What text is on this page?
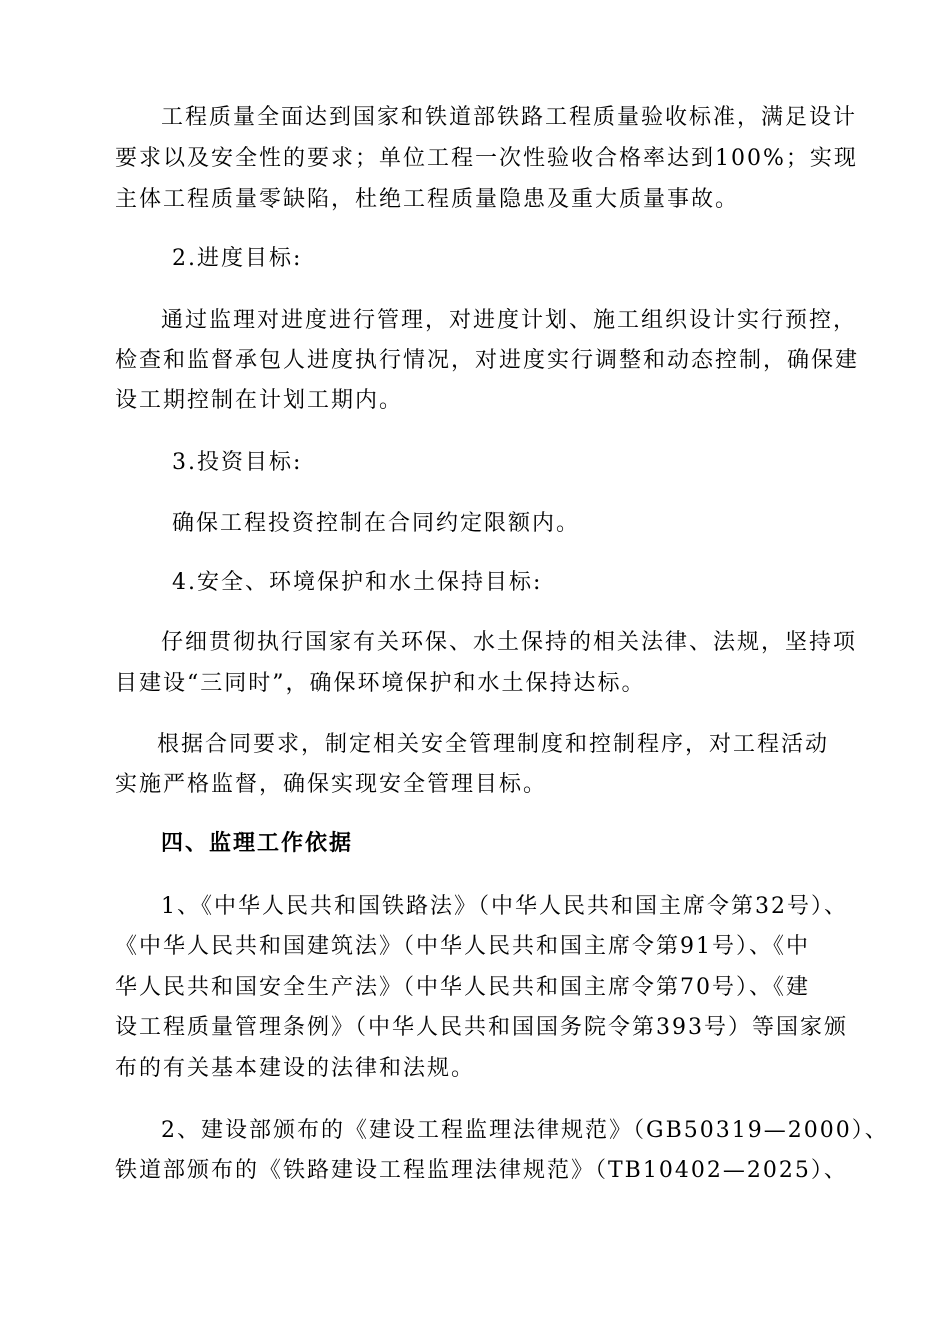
工程质量全面达到国家和铁道部铁路工程质量验收标准，满足设计
要求以及安全性的要求；单位工程一次性验收合格率达到100%；实现
主体工程质量零缺陷，杜绝工程质量隐患及重大质量事故。
2.进度目标:
通过监理对进度进行管理，对进度计划、施工组织设计实行预控，
检查和监督承包人进度执行情况，对进度实行调整和动态控制，确保建
设工期控制在计划工期内。
3.投资目标:
确保工程投资控制在合同约定限额内。
4.安全、环境保护和水土保持目标:
仔细贯彻执行国家有关环保、水土保持的相关法律、法规，坚持项
目建设“三同时”，确保环境保护和水土保持达标。
根据合同要求，制定相关安全管理制度和控制程序，对工程活动
实施严格监督，确保实现安全管理目标。
四、监理工作依据
1、《中华人民共和国铁路法》（中华人民共和国主席令第32号）、
《中华人民共和国建筑法》（中华人民共和国主席令第91号）、《中
华人民共和国安全生产法》（中华人民共和国主席令第70号）、《建
设工程质量管理条例》（中华人民共和国国务院令第393号）等国家颁
布的有关基本建设的法律和法规。
2、建设部颁布的《建设工程监理法律规范》（GB50319—2000）、
铁道部颁布的《铁路建设工程监理法律规范》（TB10402—2025）、
